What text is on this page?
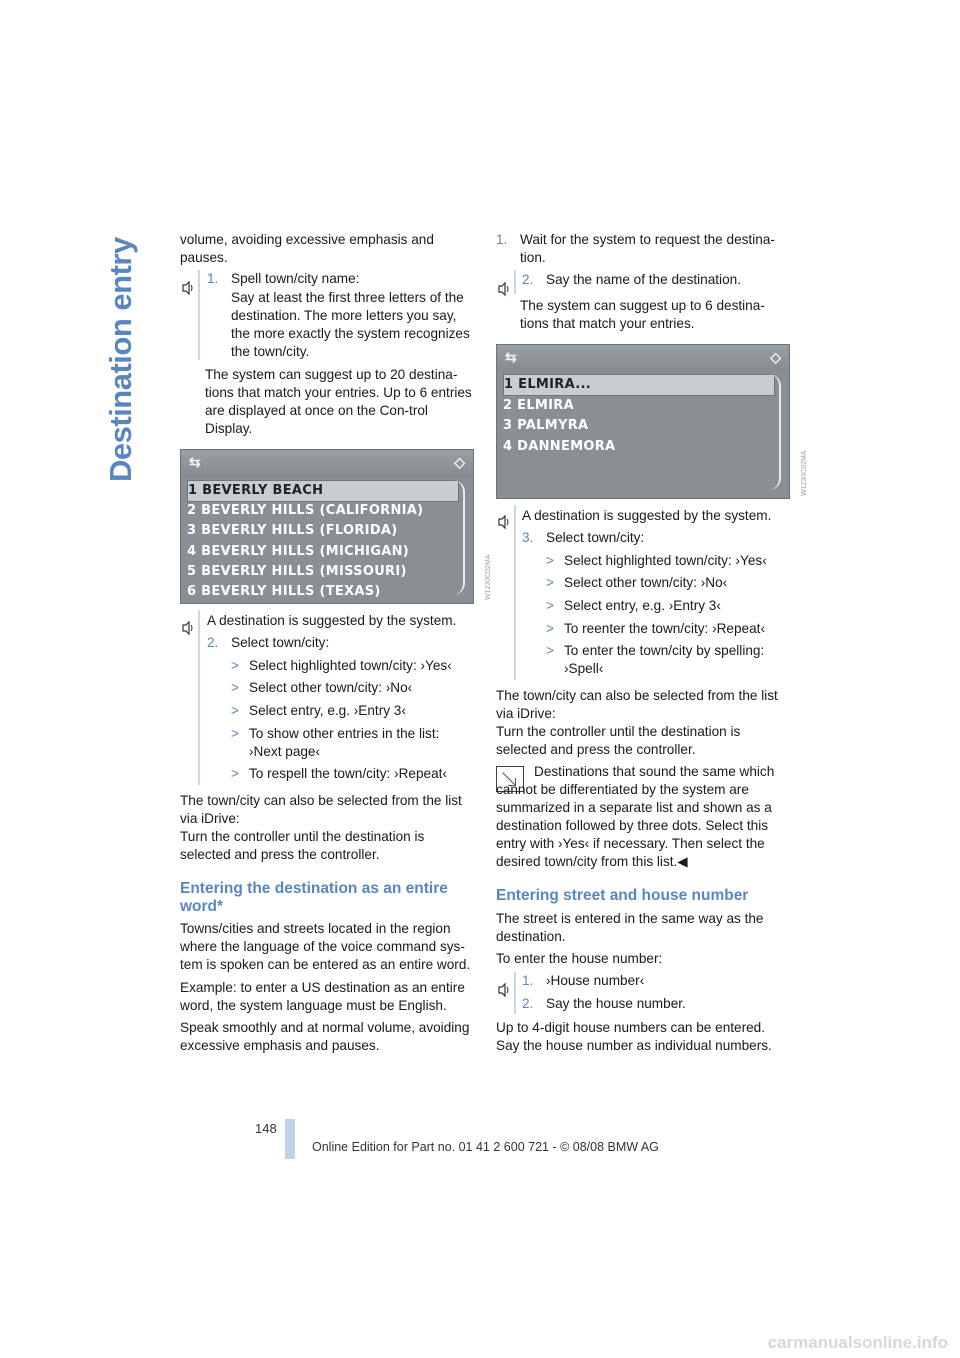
Destination entry	volume, avoiding excessive emphasis and pauses.

1. Spell town/city name:

Say at least the first three letters of the destination. The more letters you say, the more exactly the system recognizes the town/city.

The system can suggest up to 20 destina-tions that match your entries. Up to 6 entries are displayed at once on the Con-trol Display.

⇆	◇
1 BEVERLY BEACH
2 BEVERLY HILLS (CALIFORNIA)
3 BEVERLY HILLS (FLORIDA)
4 BEVERLY HILLS (MICHIGAN)
5 BEVERLY HILLS (MISSOURI)
6 BEVERLY HILLS (TEXAS)	W1230C02MA

A destination is suggested by the system.

2. Select town/city:

> Select highlighted town/city: ›Yes‹
> Select other town/city: ›No‹
> Select entry, e.g. ›Entry 3‹
> To show other entries in the list: ›Next page‹
> To respell the town/city: ›Repeat‹

The town/city can also be selected from the list via iDrive:

Turn the controller until the destination is selected and press the controller.

Entering the destination as an entire word*

Towns/cities and streets located in the region where the language of the voice command sys-tem is spoken can be entered as an entire word.

Example: to enter a US destination as an entire word, the system language must be English.

Speak smoothly and at normal volume, avoiding excessive emphasis and pauses.

1. Wait for the system to request the destina-tion.

2. Say the name of the destination.

The system can suggest up to 6 destina-tions that match your entries.

⇆	◇
1 ELMIRA...
2 ELMIRA
3 PALMYRA
4 DANNEMORA
W1230C02MA

A destination is suggested by the system.

3. Select town/city:

> Select highlighted town/city: ›Yes‹
> Select other town/city: ›No‹
> Select entry, e.g. ›Entry 3‹
> To reenter the town/city: ›Repeat‹
> To enter the town/city by spelling: ›Spell‹

The town/city can also be selected from the list via iDrive:

Turn the controller until the destination is selected and press the controller.

Destinations that sound the same which cannot be differentiated by the system are summarized in a separate list and shown as a destination followed by three dots. Select this entry with ›Yes‹ if necessary. Then select the desired town/city from this list.◀

Entering street and house number

The street is entered in the same way as the destination.

To enter the house number:

1. ›House number‹

2. Say the house number.

Up to 4-digit house numbers can be entered. Say the house number as individual numbers.

148
Online Edition for Part no. 01 41 2 600 721 - © 08/08 BMW AG
carmanualsonline.info
